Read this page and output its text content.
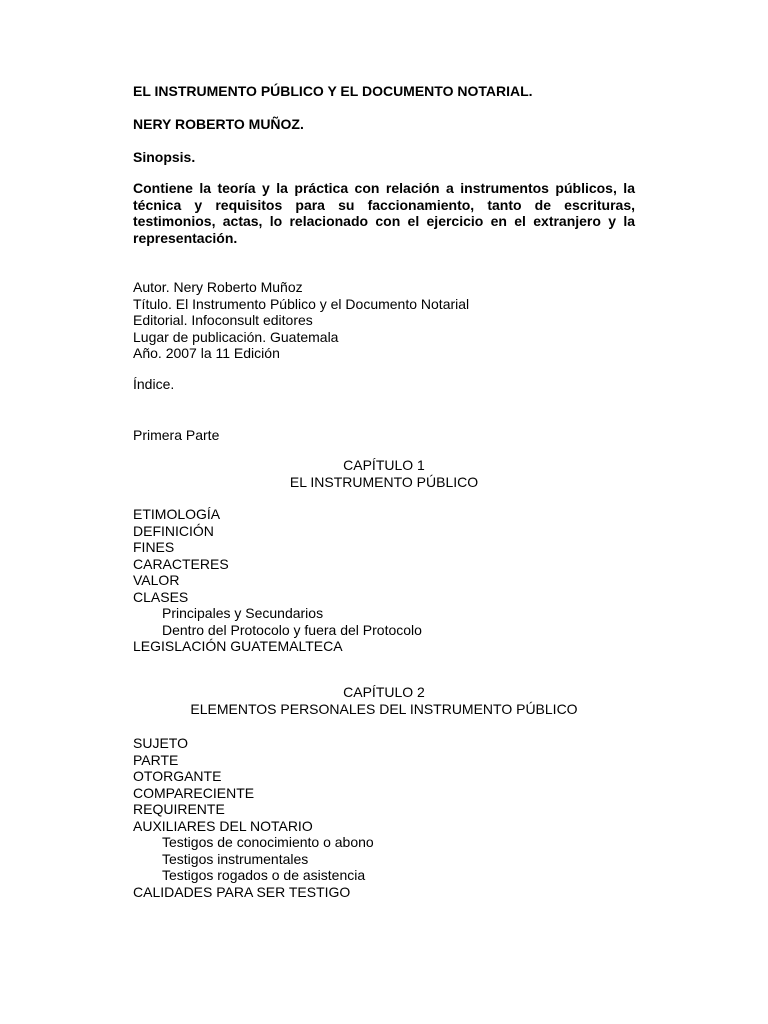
EL INSTRUMENTO PÚBLICO Y EL DOCUMENTO NOTARIAL.

NERY ROBERTO MUÑOZ.

Sinopsis.

Contiene la teoría y la práctica con relación a instrumentos públicos, la técnica y requisitos para su faccionamiento, tanto de escrituras, testimonios, actas, lo relacionado con el ejercicio en el extranjero y la representación.

Autor. Nery Roberto Muñoz
Título. El Instrumento Público y el Documento Notarial
Editorial. Infoconsult editores
Lugar de publicación. Guatemala
Año. 2007 la 11 Edición

Índice.

Primera Parte

CAPÍTULO 1

EL INSTRUMENTO PÚBLICO

ETIMOLOGÍA
DEFINICIÓN
FINES
CARACTERES
VALOR
CLASES
Principales y Secundarios
Dentro del Protocolo y fuera del Protocolo
LEGISLACIÓN GUATEMALTECA

CAPÍTULO 2

ELEMENTOS PERSONALES DEL INSTRUMENTO PÚBLICO

SUJETO
PARTE
OTORGANTE
COMPARECIENTE
REQUIRENTE
AUXILIARES DEL NOTARIO
Testigos de conocimiento o abono
Testigos instrumentales
Testigos rogados o de asistencia
CALIDADES PARA SER TESTIGO
